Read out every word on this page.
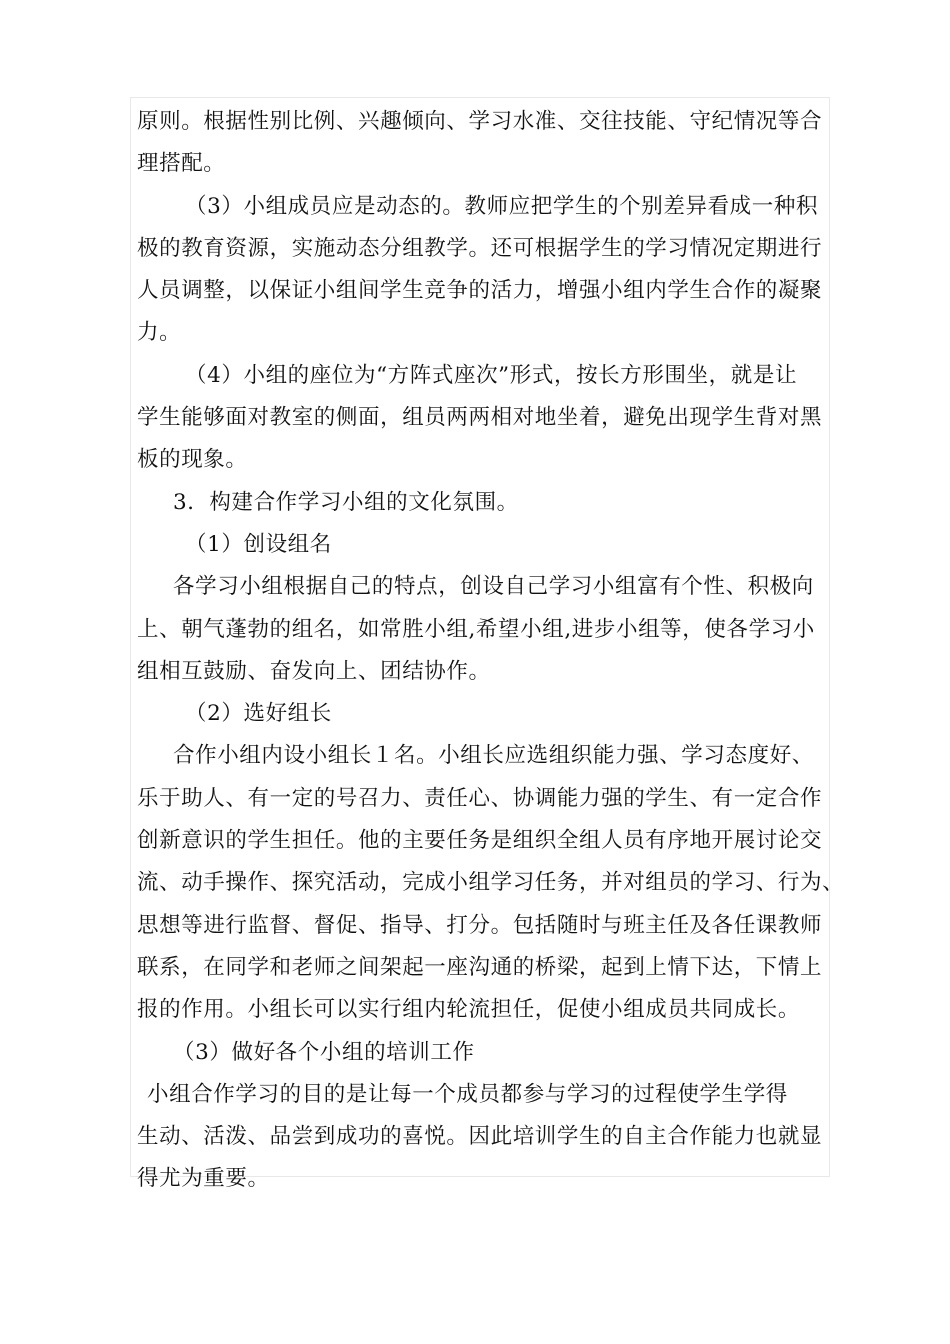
原则。根据性别比例、兴趣倾向、学习水准、交往技能、守纪情况等合
理搭配。
（3）小组成员应是动态的。教师应把学生的个别差异看成一种积
极的教育资源，实施动态分组教学。还可根据学生的学习情况定期进行
人员调整，以保证小组间学生竞争的活力，增强小组内学生合作的凝聚
力。
（4）小组的座位为“方阵式座次”形式，按长方形围坐，就是让
学生能够面对教室的侧面，组员两两相对地坐着，避免出现学生背对黑
板的现象。
3．构建合作学习小组的文化氛围。
（1）创设组名
各学习小组根据自己的特点，创设自己学习小组富有个性、积极向
上、朝气蓬勃的组名，如常胜小组,希望小组,进步小组等，使各学习小
组相互鼓励、奋发向上、团结协作。
（2）选好组长
合作小组内设小组长１名。小组长应选组织能力强、学习态度好、
乐于助人、有一定的号召力、责任心、协调能力强的学生、有一定合作
创新意识的学生担任。他的主要任务是组织全组人员有序地开展讨论交
流、动手操作、探究活动，完成小组学习任务，并对组员的学习、行为、
思想等进行监督、督促、指导、打分。包括随时与班主任及各任课教师
联系，在同学和老师之间架起一座沟通的桥梁，起到上情下达，下情上
报的作用。小组长可以实行组内轮流担任，促使小组成员共同成长。
（3）做好各个小组的培训工作
小组合作学习的目的是让每一个成员都参与学习的过程使学生学得
生动、活泼、品尝到成功的喜悦。因此培训学生的自主合作能力也就显
得尤为重要。
